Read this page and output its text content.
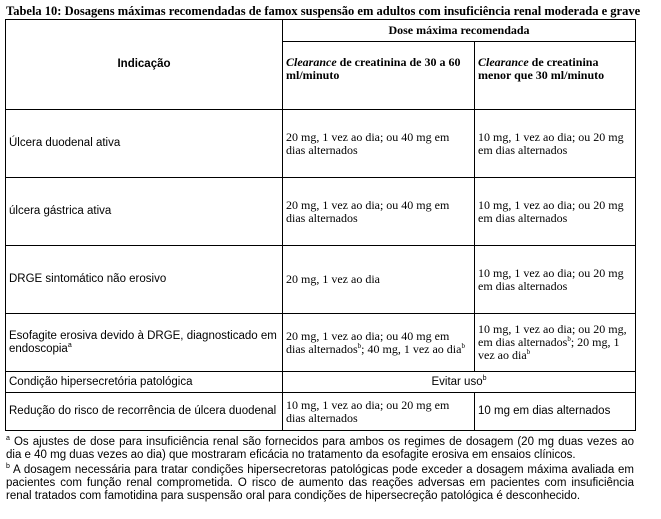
Tabela 10: Dosagens máximas recomendadas de famox suspensão em adultos com insuficiência renal moderada e grave
Indicação	Dose máxima recomendada	
	Clearance de creatinina de 30 a 60 ml/minuto	Clearance de creatinina menor que 30 ml/minuto
Úlcera duodenal ativa	20 mg, 1 vez ao dia; ou 40 mg em dias alternados	10 mg, 1 vez ao dia; ou 20 mg em dias alternados
úlcera gástrica ativa	20 mg, 1 vez ao dia; ou 40 mg em dias alternados	10 mg, 1 vez ao dia; ou 20 mg em dias alternados
DRGE sintomático não erosivo	20 mg, 1 vez ao dia	10 mg, 1 vez ao dia; ou 20 mg em dias alternados
Esofagite erosiva devido à DRGE, diagnosticado em endoscopia$^a$	20 mg, 1 vez ao dia; ou 40 mg em dias alternados$^b$; 40 mg, 1 vez ao dia$^b$	10 mg, 1 vez ao dia; ou 20 mg, em dias alternados$^b$; 20 mg, 1 vez ao dia$^b$
Condição hipersecretória patológica	Evitar uso$^b$
Redução do risco de recorrência de úlcera duodenal	10 mg, 1 vez ao dia; ou 20 mg em dias alternados	10 mg em dias alternados

$^a$ Os ajustes de dose para insuficiência renal são fornecidos para ambos os regimes de dosagem (20 mg duas vezes ao dia e 40 mg duas vezes ao dia) que mostraram eficácia no tratamento da esofagite erosiva em ensaios clínicos.

$^b$ A dosagem necessária para tratar condições hipersecretoras patológicas pode exceder a dosagem máxima avaliada em pacientes com função renal comprometida. O risco de aumento das reações adversas em pacientes com insuficiência renal tratados com famotidina para suspensão oral para condições de hipersecreção patológica é desconhecido.
